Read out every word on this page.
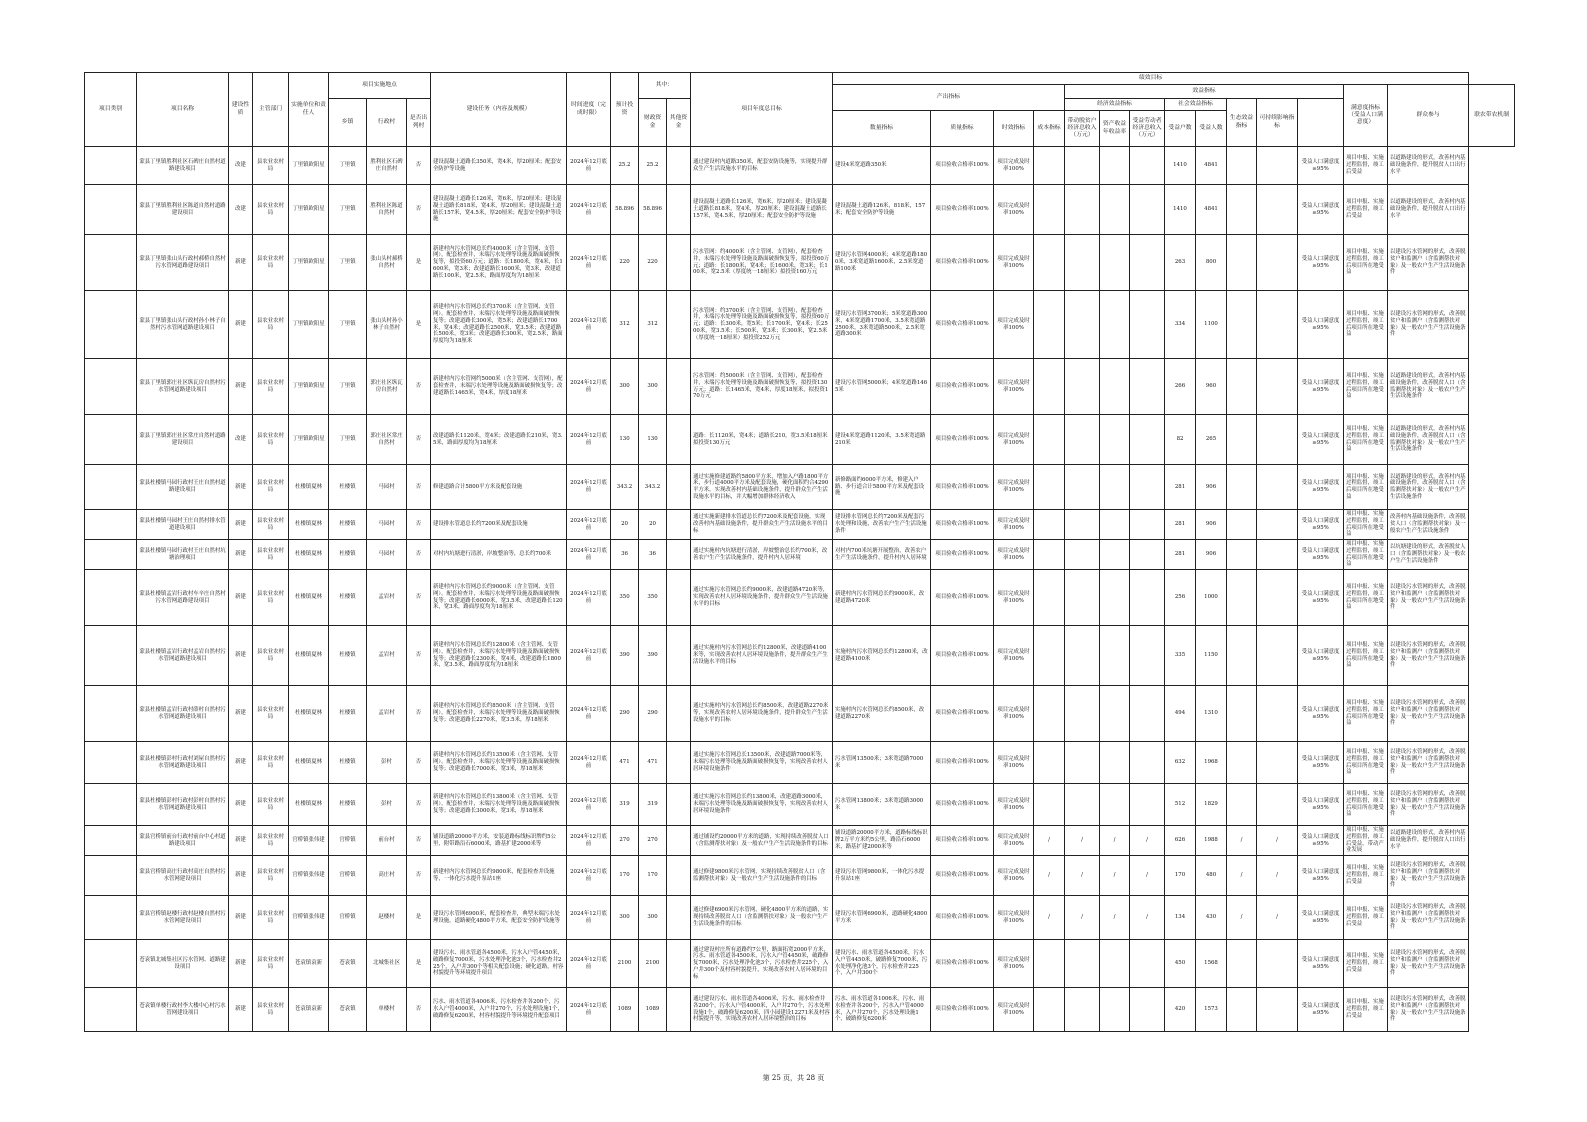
项目类别	项目名称	建设性质	主管部门	实施单位和责任人	项目实施地点			建设任务（内容及规模）	时间进度（完成时限）	预计投资	其中：		项目年度总目标	绩效目标														
														产出指标				效益指标								满意度指标（受益人口满意度）	群众参与	联农带农机制
					乡镇	行政村	是否出列村				财政资金	其他资金						经济效益指标			社会效益指标		生态效益指标	可持续影响指标				
														数量指标	质量指标	时效指标	成本指标	带动脱贫户经济总收入（万元）	资产收益年收益率	受益劳动者经济总收入（万元）	受益户数	受益人数						
	蒙县丁里镇胜利社区石碑庄自然村道路建设项目	改建	县农业农村局	丁里镇欧阳星	丁里镇	胜利社区石碑庄自然村	否	建设混凝土道路长350米，宽4米，厚20厘米；配套安全防护等设施	2024年12月底前	25.2	25.2		通过建设村内道路350米，配套安防设施等，实现提升群众生产生活设施水平的目标	建设4米宽道路350米	项目验收合格率100%	项目完成及时率100%					1410	4841			受益人口满意度≥95%	项目申报、实施过程监督，竣工后受益	以道路建设的形式，改善村内基础设施条件，提升脱贫人口出行水平	
	蒙县丁里镇胜利社区陈道自然村道路建设项目	改建	县农业农村局	丁里镇欧阳星	丁里镇	胜利社区陈道自然村	否	建设混凝土道路长126米，宽6米，厚20厘米；建设混凝土道路长818米，宽4米，厚20厘米；建设混凝土道路长157米，宽4.5米，厚20厘米；配套安全防护等设施	2024年12月底前	58.896	58.896		建设混凝土道路长126米，宽6米，厚20厘米；建设混凝土道路长818米，宽4米，厚20厘米；建设混凝土道路长157米，宽4.5米，厚20厘米；配套安全防护等设施	建设混凝土道路126米，818米，157米；配套安全防护等设施	项目验收合格率100%	项目完成及时率100%					1410	4841			受益人口满意度≥95%	项目申报、实施过程监督，竣工后受益	以道路建设的形式，改善村内基础设施条件，提升脱贫人口出行水平	
	蒙县丁里镇张山头行政村郝桥自然村污水管网道路建设项目	新建	县农业农村局	丁里镇欧阳星	丁里镇	张山头村郝桥自然村	是	新建村内污水管网总长约4000米（含主管网、支管网），配套检查井，末端污水处理等设施及路面破损恢复等，拟投资60万元；道路：长1800米，宽4米，长1600米，宽3米；改建道路长1600米，宽3米，改建道路长100米，宽2.5米，路面厚度均为18厘米	2024年12月底前	220	220		污水管网：约4000米（含主管网、支管网），配套检查井，末端污水处理等设施及路面破损恢复等，拟投资60万元；道路：长1800米，宽4米；长1600米，宽3米；长100米，宽2.5米（厚度统一18厘米）拟投资160万元	建设污水管网4000米；4米宽道路1800米，3米宽道路1600米，2.5米宽道路100米	项目验收合格率100%	项目完成及时率100%					263	800			受益人口满意度≥95%	项目申报、实施过程监督，竣工后项目所在地受益	以建设污水管网的形式，改善脱贫户和监测户（含监测帮扶对象）及一般农户生产生活设施条件	
	蒙县丁里镇张山头行政村孙小林子自然村污水管网道路建设项目	新建	县农业农村局	丁里镇欧阳星	丁里镇	张山头村孙小林子自然村	是	新建村内污水管网总长约3700米（含主管网、支管网），配套检查井，末端污水处理等设施及路面破损恢复等；改建道路长300米，宽5米；改建道路长1700米，宽4米；改建道路长2500米，宽3.5米；改建道路长500米，宽3米；改建道路长300米，宽2.5米，路面厚度均为18厘米	2024年12月底前	312	312		污水管网：约3700米（含主管网、支管网），配套检查井，末端污水处理等设施及路面破损恢复等，拟投资60万元；道路：长300米，宽5米；长1700米，宽4米；长2500米，宽3.5米；长500米，宽3米；长300米，宽2.5米（厚度统一18厘米）拟投资252万元	建设污水管网3700米；5米宽道路300米，4米宽道路1700米，3.5米宽道路2500米，3米宽道路500米，2.5米宽道路300米	项目验收合格率100%	项目完成及时率100%					334	1100			受益人口满意度≥95%	项目申报、实施过程监督，竣工后项目所在地受益	以建设污水管网的形式，改善脱贫户和监测户（含监测帮扶对象）及一般农户生产生活设施条件	
	蒙县丁里镇郭庄社区纵瓦房自然村污水管网道路建设项目	新建	县农业农村局	丁里镇欧阳星	丁里镇	郭庄社区纵瓦房自然村	否	新建村内污水管网约5000米（含主管网、支管网），配套检查井，末端污水处理等设施及路面破损恢复等；改建道路长1465米，宽4米，厚度18厘米	2024年12月底前	300	300		污水管网：约5000米（含主管网、支管网），配套检查井，末端污水处理等设施及路面破损恢复等，拟投资130万元；道路：长1465米，宽4米，厚度18厘米，拟投资170万元	建设污水管网5000米；4米宽道路1465米	项目验收合格率100%	项目完成及时率100%					266	960			受益人口满意度≥95%	项目申报、实施过程监督，竣工后项目所在地受益	以道路建设的形式，改善村内基础设施条件，改善脱贫人口（含监测帮扶对象）及一般农户生产生活设施条件	
	蒙县丁里镇郭庄社区常庄自然村道路建设项目	改建	县农业农村局	丁里镇欧阳星	丁里镇	郭庄社区常庄自然村	否	改建道路长1120米，宽4米；改建道路长210米，宽3.5米，路面厚度均为18厘米	2024年12月底前	130	130		道路：长1120米，宽4米；道路长210，宽3.5米18厘米拟投资130万元	建设4米宽道路1120米，3.5米宽道路210米	项目验收合格率100%	项目完成及时率100%					82	265			受益人口满意度≥95%	项目申报、实施过程监督，竣工后项目所在地受益	以道路建设的形式，改善村内基础设施条件，改善脱贫人口（含监测帮扶对象）及一般农户生产生活设施条件	
	蒙县杜楼镇马园行政村王庄自然村道路建设项目	新建	县农业农村局	杜楼镇夏林	杜楼镇	马园村	否	修建道路合计5800平方米及配套设施	2024年12月底前	343.2	343.2		通过实施修建道路约5800平方米，增加入户路1800平方米，步行道4000平方米及配套设施，硬化面积约合4290平方米，实现改善村内基础设施条件，提升群众生产生活设施水平的目标，并大幅增加群体经济收入	新修路面约6000平方米，修建入户路、步行道合计5800平方米及配套设施	项目验收合格率100%	项目完成及时率100%					281	906			受益人口满意度≥95%	项目申报、实施过程监督，竣工后项目所在地受益	以道路建设的形式，改善村内基础设施条件，改善脱贫人口（含监测帮扶对象）及一般农户生产生活设施条件	
	蒙县杜楼镇马园村王庄自然村排水管道建设项目	新建	县农业农村局	杜楼镇夏林	杜楼镇	马园村	否	建设排水管道总长约7200米及配套设施	2024年12月底前	20	20		通过实施新建排水管道总长约7200米及配套设施，实现改善村内基础设施条件，提升群众生产生活设施水平的目标	建设排水管网总长约7200米及配套污水处理和设施，改善农户生产生活设施条件	项目验收合格率100%	项目完成及时率100%					281	906			受益人口满意度≥95%	项目申报、实施过程监督，竣工后项目所在地受益	改善村内基础设施条件，改善脱贫人口（含监测帮扶对象）及一般农户生产生活设施条件	
	蒙县杜楼镇马园行政村王庄自然村坑塘治理项目	新建	县农业农村局	杜楼镇夏林	杜楼镇	马园村	否	对村内坑塘进行清淤，岸坡整治等，总长约700米	2024年12月底前	36	36		通过实施村内坑塘进行清淤，岸坡整治总长约700米，改善农户生产生活设施条件，提升村内人居环境	对村内700米坑塘开展整治，改善农户生产生活设施条件，提升村内人居环境	项目验收合格率100%	项目完成及时率100%					281	906			受益人口满意度≥95%	项目申报、实施过程监督，竣工后项目所在地受益	以坑塘建设的形式，改善脱贫人口（含监测帮扶对象）及一般农户生产生活设施条件	
	蒙县杜楼镇孟岩行政村车辛庄自然村污水管网道路建设项目	新建	县农业农村局	杜楼镇夏林	杜楼镇	孟岩村	否	新建村内污水管网总长约9000米（含主管网、支管网），配套检查井，末端污水处理等设施及路面破损恢复等；改建道路长6000米，宽3.5米，改建道路长120米，宽3米，路面厚度均为18厘米	2024年12月底前	350	350		通过实施污水管网总长约9000米，改建道路4720米等，实现改善农村人居环境设施条件，提升群众生产生活设施水平的目标	新建村内污水管网总长约9000米，改建道路4720米	项目验收合格率100%	项目完成及时率100%					256	1000			受益人口满意度≥95%	项目申报、实施过程监督，竣工后项目所在地受益	以建设污水管网的形式，改善脱贫户和监测户（含监测帮扶对象）及一般农户生产生活设施条件	
	蒙县杜楼镇孟岩行政村孟岩自然村污水管网道路建设项目	新建	县农业农村局	杜楼镇夏林	杜楼镇	孟岩村	否	新建村内污水管网总长约12800米（含主管网、支管网），配套检查井，末端污水处理等设施及路面破损恢复等；改建道路长2300米，宽4米，改建道路长1800米，宽3.5米，路面厚度均为18厘米	2024年12月底前	390	390		通过实施村内污水管网总长约12800米，改建道路4100米等，实现改善农村人居环境设施条件，提升群众生产生活设施水平的目标	实施村内污水管网总长约12800米，改建道路4100米	项目验收合格率100%	项目完成及时率100%					335	1150			受益人口满意度≥95%	项目申报、实施过程监督，竣工后项目所在地受益	以建设污水管网的形式，改善脱贫户和监测户（含监测帮扶对象）及一般农户生产生活设施条件	
	蒙县杜楼镇孟岩行政村薛村自然村污水管网道路建设项目	新建	县农业农村局	杜楼镇夏林	杜楼镇	孟岩村	否	新建村内污水管网总长约8500米（含主管网、支管网），配套检查井，末端污水处理等设施及路面破损恢复等；改建道路长2270米，宽3.5米，厚18厘米	2024年12月底前	290	290		通过实施村内污水管网总长约8500米，改建道路2270米等，实现改善农村人居环境设施条件，提升群众生产生活设施水平的目标	实施村内污水管网总长约8500米，改建道路2270米	项目验收合格率100%	项目完成及时率100%					494	1310			受益人口满意度≥95%	项目申报、实施过程监督，竣工后项目所在地受益	以建设污水管网的形式，改善脱贫户和监测户（含监测帮扶对象）及一般农户生产生活设施条件	
	蒙县杜楼镇彭村行政村刘屋自然村污水管网道路建设项目	新建	县农业农村局	杜楼镇夏林	杜楼镇	彭村	否	新建村内污水管网总长约13500米（含主管网、支管网），配套检查井，末端污水处理等设施及路面破损恢复等；改建道路长7000米，宽3米，厚18厘米	2024年12月底前	471	471		通过实施污水管网总长13500米，改建道路7000米等，末端污水处理等设施及路面破损恢复等，实现改善农村人居环境设施条件	污水管网13500米；3米宽道路7000米	项目验收合格率100%	项目完成及时率100%					632	1968			受益人口满意度≥95%	项目申报、实施过程监督，竣工后项目所在地受益	以建设污水管网的形式，改善脱贫户和监测户（含监测帮扶对象）及一般农户生产生活设施条件	
	蒙县杜楼镇彭村行政村彭村自然村污水管网道路建设项目	新建	县农业农村局	杜楼镇夏林	杜楼镇	彭村	否	新建村内污水管网总长约13800米（含主管网、支管网），配套检查井，末端污水处理等设施及路面破损恢复等；改建道路长3000米，宽3米，厚18厘米	2024年12月底前	319	319		通过实施污水管网总长约13800米，改建道路3000米，末端污水处理等设施及路面破损恢复等，实现改善农村人居环境设施条件	污水管网13800米；3米宽道路3000米	项目验收合格率100%	项目完成及时率100%					512	1829			受益人口满意度≥95%	项目申报、实施过程监督，竣工后项目所在地受益	以建设污水管网的形式，改善脱贫户和监测户（含监测帮扶对象）及一般农户生产生活设施条件	
	蒙县官桥镇前台行政村前台中心村道路建设项目	新建	县农业农村局	官桥镇张伟建	官桥镇	前台村	否	铺设道路20000平方米，安装道路标线标识牌约5公里，附带路沿石6000米，路基扩建2000米等	2024年12月底前	270	270		通过铺设约20000平方米的道路，实现持续改善脱贫人口（含监测帮扶对象）及一般农户生产生活设施条件的目标	铺设道路20000平方米，道路标线标识牌2万平方米约5公里，路沿石6000米，路基扩建2000米等	项目验收合格率100%	项目完成及时率100%	/	/	/	/	626	1988	/	/	受益人口满意度≥95%	项目申报、实施过程监督，竣工后受益，带动产业发展	以道路建设的形式，改善村内基础设施条件，提升脱贫人口出行水平	
	蒙县官桥镇高庄行政村高庄自然村污水管网建设项目	新建	县农业农村局	官桥镇张伟建	官桥镇	高庄村	否	新建村内污水管网总长约9800米，配套检查井设施等，一体化污水提升泵站1座	2024年12月底前	170	170		通过修建9800米污水管网，实现持续改善脱贫人口（含监测帮扶对象）及一般农户生产生活设施条件的目标	建设污水管网9800米，一体化污水提升泵站1座	项目验收合格率100%	项目完成及时率100%	/	/	/	/	170	480	/	/	受益人口满意度≥95%	项目申报、实施过程监督，竣工后受益	以建设污水管网的形式，改善脱贫户和监测户（含监测帮扶对象）及一般农户生产生活设施条件	
	蒙县官桥镇赵楼行政村赵楼自然村污水管网建设项目	新建	县农业农村局	官桥镇张伟建	官桥镇	赵楼村	是	建设污水管网6900米，配套检查井，典型末端污水处理设施，道路硬化4800平方米，配套安全防护设施等	2024年12月底前	300	300		通过修建6900米污水管网，硬化4800平方米的道路，实现持续改善脱贫人口（含监测帮扶对象）及一般农户生产生活设施条件的目标	建设污水管网6900米，道路硬化4800平方米	项目验收合格率100%	项目完成及时率100%	/	/	/	/	134	430	/	/	受益人口满意度≥95%	项目申报、实施过程监督，竣工后受益	以建设污水管网的形式，改善脱贫户和监测户（含监测帮扶对象）及一般农户生产生活设施条件	
	苍袁镇北城集社区污水管网、道路建设项目	新建	县农业农村局	苍袁镇袁新	苍袁镇	北城集社区	是	建设污水、雨水管道各4500米，污水入户管4450米，破路修复7000米，污水处理净化池3个，污水检查井225个，入户井300个等相关配套设施；硬化道路，村容村貌提升等环境提升项目	2024年12月底前	2100	2100		通过建设村庄所有道路约7公里，路面拓宽2000平方米，污水、雨水管道各4500米，污水入户管4450米，破路修复7000米，污水处理净化池3个，污水检查井225个，入户井300个及村容村貌提升，实现改善农村人居环境的目标	建设污水、雨水管道各4500米，污水入户管4450米，破路修复7000米，污水处理净化池3个，污水检查井225个，入户井300个	项目验收合格率100%	项目完成及时率100%					450	1568			受益人口满意度≥95%	项目申报、实施过程监督，竣工后受益	以建设污水管网的形式，改善脱贫户和监测户（含监测帮扶对象）及一般农户生产生活设施条件	
	苍袁镇单楼行政村李大楼中心村污水管网建设项目	新建	县农业农村局	苍袁镇袁新	苍袁镇	单楼村	否	污水、雨水管道各4006米，污水检查井各200个，污水入户管4000米，入户井270个，污水处理设施1个，破路修复6200米，村容村貌提升等环境提升配套项目	2024年12月底前	1089	1089		通过建设污水、雨水管道各4006米，污水、雨水检查井各200个，污水入户管4000米，入户井270个，污水处理设施1个，破路修复6200米，四小园建设12271米及村容村貌提升等，实现改善农村人居环境整治的目标	污水、雨水管道各1006米，污水、雨水检查井各200个，污水入户管4000米，入户井270个，污水处理设施1个，破路修复6200米	项目验收合格率100%	项目完成及时率100%					420	1573			受益人口满意度≥95%	项目申报、实施过程监督，竣工后受益	以建设污水管网的形式，改善脱贫户和监测户（含监测帮扶对象）及一般农户生产生活设施条件	
第 25 页，共 28 页
